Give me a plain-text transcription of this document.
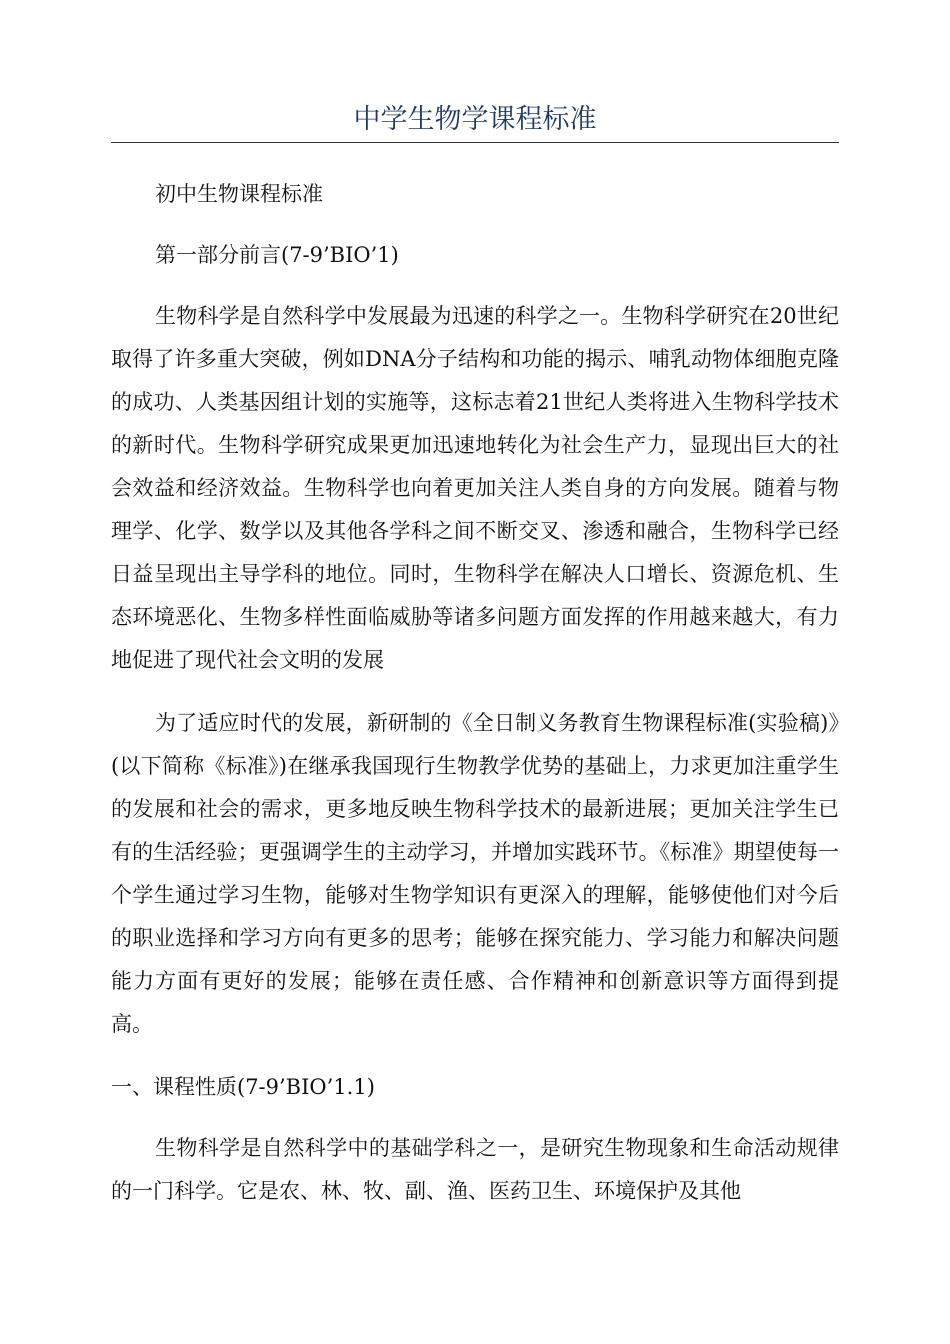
中学生物学课程标准

初中生物课程标准

第一部分前言(7-9’BIO’1)

生物科学是自然科学中发展最为迅速的科学之一。生物科学研究在20世纪取得了许多重大突破，例如DNA分子结构和功能的揭示、哺乳动物体细胞克隆的成功、人类基因组计划的实施等，这标志着21世纪人类将进入生物科学技术的新时代。生物科学研究成果更加迅速地转化为社会生产力，显现出巨大的社会效益和经济效益。生物科学也向着更加关注人类自身的方向发展。随着与物理学、化学、数学以及其他各学科之间不断交叉、渗透和融合，生物科学已经日益呈现出主导学科的地位。同时，生物科学在解决人口增长、资源危机、生态环境恶化、生物多样性面临威胁等诸多问题方面发挥的作用越来越大，有力地促进了现代社会文明的发展

为了适应时代的发展，新研制的《全日制义务教育生物课程标准(实验稿)》(以下简称《标准》)在继承我国现行生物教学优势的基础上，力求更加注重学生的发展和社会的需求，更多地反映生物科学技术的最新进展；更加关注学生已有的生活经验；更强调学生的主动学习，并增加实践环节。《标准》期望使每一个学生通过学习生物，能够对生物学知识有更深入的理解，能够使他们对今后的职业选择和学习方向有更多的思考；能够在探究能力、学习能力和解决问题能力方面有更好的发展；能够在责任感、合作精神和创新意识等方面得到提高。

一、课程性质(7-9’BIO’1.1)

生物科学是自然科学中的基础学科之一，是研究生物现象和生命活动规律的一门科学。它是农、林、牧、副、渔、医药卫生、环境保护及其他
